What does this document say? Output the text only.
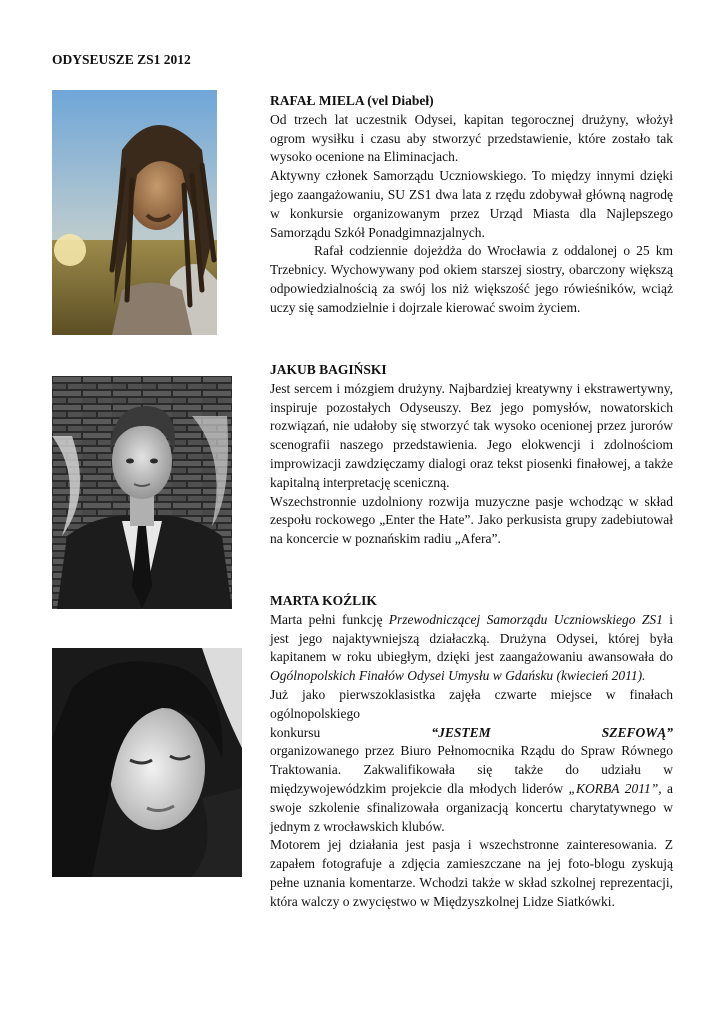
ODYSEUSZE ZS1 2012

RAFAŁ MIELA (vel Diabeł)

Od trzech lat uczestnik Odysei, kapitan tegorocznej drużyny, włożył ogrom wysiłku i czasu aby stworzyć przedstawienie, które zostało tak wysoko ocenione na Eliminacjach.

Aktywny członek Samorządu Uczniowskiego. To między innymi dzięki jego zaangażowaniu, SU ZS1 dwa lata z rzędu zdobywał główną nagrodę w konkursie organizowanym przez Urząd Miasta dla Najlepszego Samorządu Szkół Ponadgimnazjalnych.

Rafał codziennie dojeżdża do Wrocławia z oddalonej o 25 km Trzebnicy. Wychowywany pod okiem starszej siostry, obarczony większą odpowiedzialnością za swój los niż większość jego rówieśników, wciąż uczy się samodzielnie i dojrzale kierować swoim życiem.

JAKUB BAGIŃSKI

Jest sercem i mózgiem drużyny. Najbardziej kreatywny i ekstrawertywny, inspiruje pozostałych Odyseuszy. Bez jego pomysłów, nowatorskich rozwiązań, nie udałoby się stworzyć tak wysoko ocenionej przez jurorów scenografii naszego przedstawienia. Jego elokwencji i zdolnościom improwizacji zawdzięczamy dialogi oraz tekst piosenki finałowej, a także kapitalną interpretację sceniczną.

Wszechstronnie uzdolniony rozwija muzyczne pasje wchodząc w skład zespołu rockowego „Enter the Hate”. Jako perkusista grupy zadebiutował na koncercie w poznańskim radiu „Afera”.

MARTA KOŹLIK

Marta pełni funkcję Przewodniczącej Samorządu Uczniowskiego ZS1 i jest jego najaktywniejszą działaczką. Drużyna Odysei, której była kapitanem w roku ubiegłym, dzięki jest zaangażowaniu awansowała do Ogólnopolskich Finałów Odysei Umysłu w Gdańsku (kwiecień 2011).

Już jako pierwszoklasistka zajęła czwarte miejsce w finałach ogólnopolskiego
konkursu	“JESTEM	SZEFOWĄ”
organizowanego przez Biuro Pełnomocnika Rządu do Spraw Równego Traktowania. Zakwalifikowała się także do udziału w międzywojewódzkim projekcie dla młodych liderów „KORBA 2011”, a swoje szkolenie sfinalizowała organizacją koncertu charytatywnego w jednym z wrocławskich klubów.

Motorem jej działania jest pasja i wszechstronne zainteresowania. Z zapałem fotografuje a zdjęcia zamieszczane na jej foto-blogu zyskują pełne uznania komentarze. Wchodzi także w skład szkolnej reprezentacji, która walczy o zwycięstwo w Międzyszkolnej Lidze Siatkówki.
